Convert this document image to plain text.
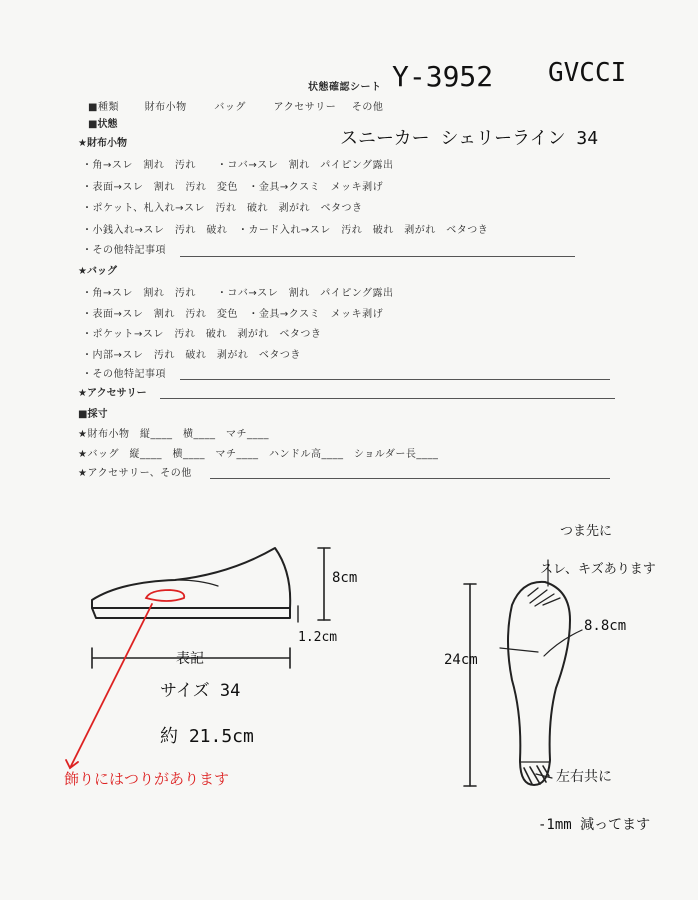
状態確認シート
■種類	財布小物	バッグ	アクセサリー その他
■状態
★財布小物
・角→スレ　割れ　汚れ　　・コバ→スレ　割れ　パイピング露出
・表面→スレ　割れ　汚れ　変色　・金具→クスミ　メッキ剥げ
・ポケット、札入れ→スレ　汚れ　破れ　剥がれ　ベタつき
・小銭入れ→スレ　汚れ　破れ　・カード入れ→スレ　汚れ　破れ　剥がれ　ベタつき
・その他特記事項
★バッグ
・角→スレ　割れ　汚れ　　・コバ→スレ　割れ　パイピング露出
・表面→スレ　割れ　汚れ　変色　・金具→クスミ　メッキ剥げ
・ポケット→スレ　汚れ　破れ　剥がれ　ベタつき
・内部→スレ　汚れ　破れ　剥がれ　ベタつき
・その他特記事項
★アクセサリー
■採寸
★財布小物　縦____　横____　マチ____
★バッグ　縦____　横____　マチ____　ハンドル高____　ショルダー長____
★アクセサリー、その他
Y-3952 GVCCI
スニーカー シェリーライン 34
8cm
1.2cm
表記
サイズ 34
約 21.5cm
飾りにはつりがあります
つま先に
スレ、キズあります
8.8cm
24cm
左右共に
-1mm 減ってます
